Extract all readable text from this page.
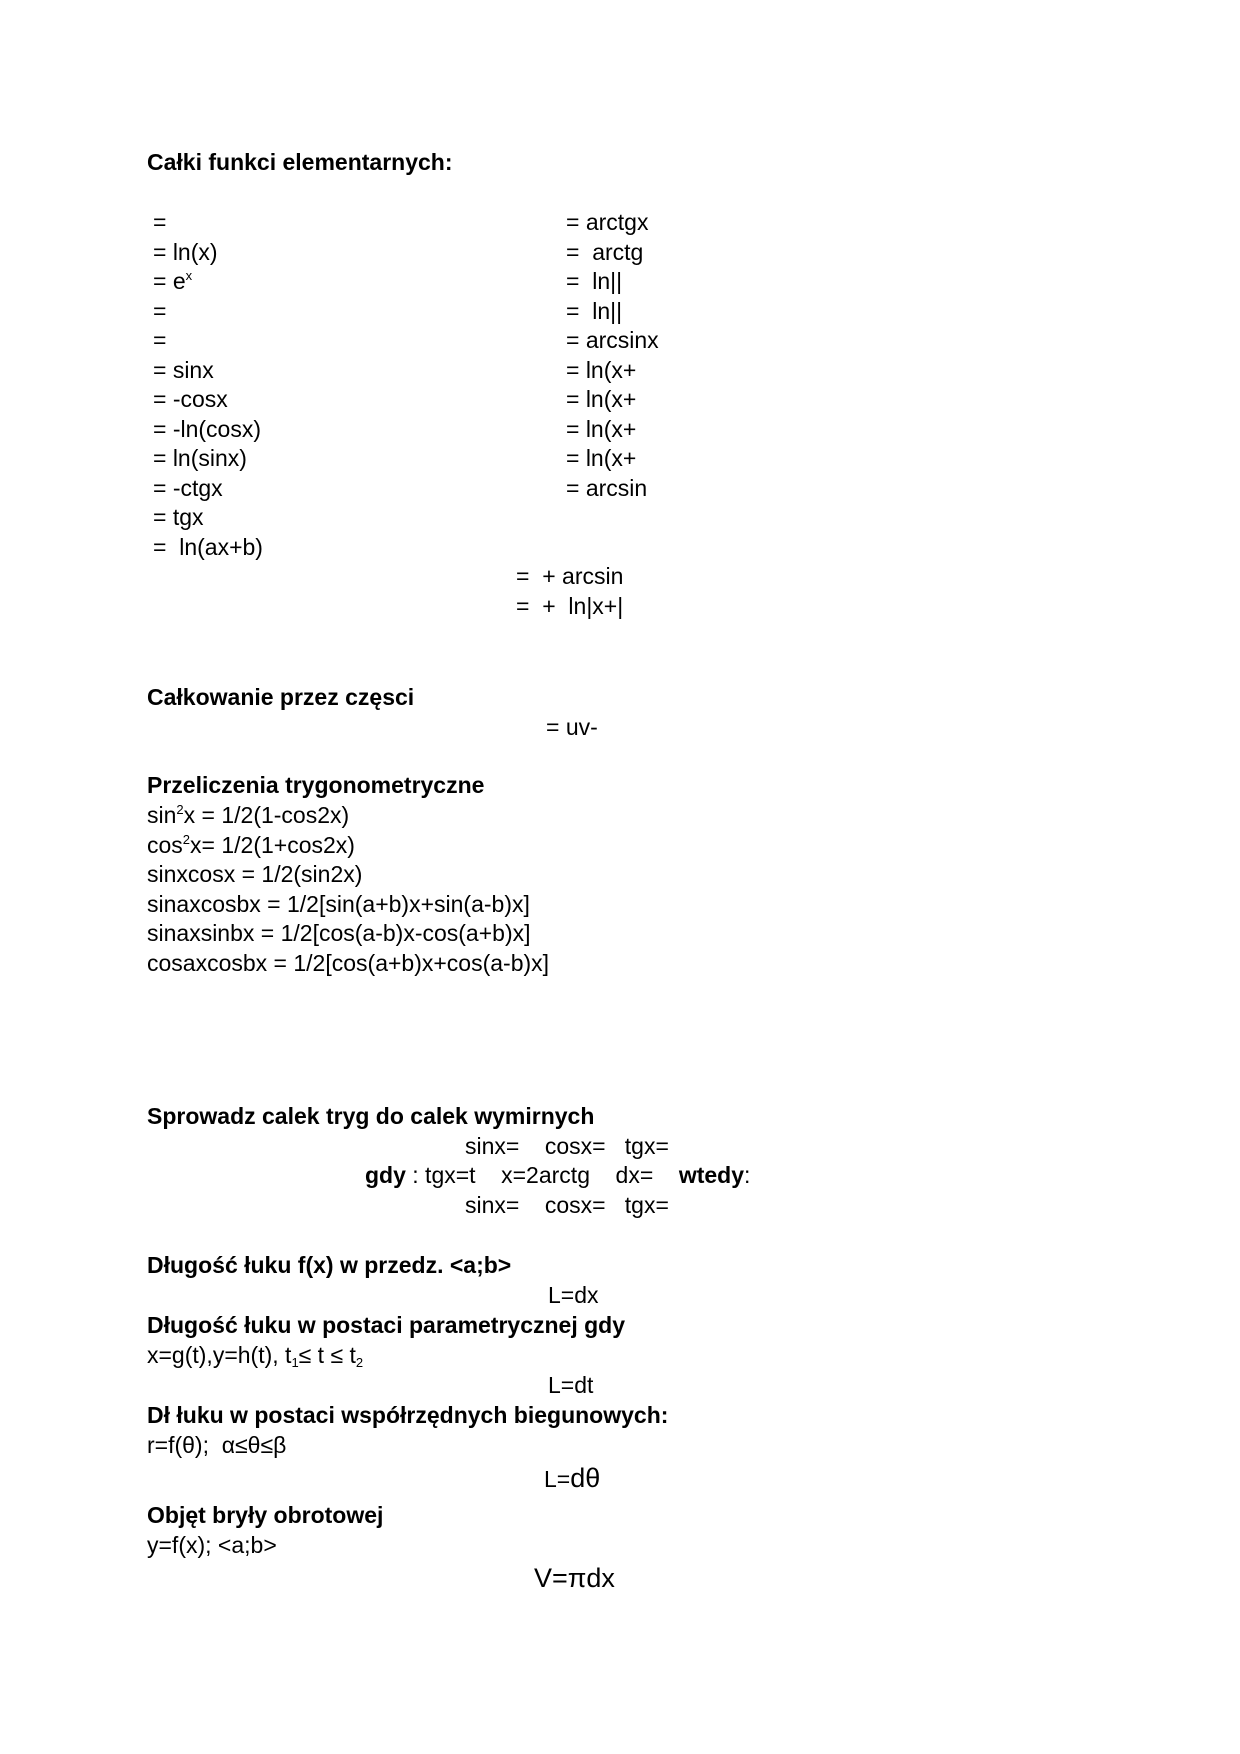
Całki funkci elementarnych:
=
= ln(x)
= $e^x$
=
=
= sinx
= -cosx
= -ln(cosx)
= ln(sinx)
= -ctgx
= tgx
=  ln(ax+b)
= arctgx
=  arctg
=  ln||
=  ln||
= arcsinx
= ln(x+
= ln(x+
= ln(x+
= ln(x+
= arcsin
=  + arcsin
=  +  ln|x+|
Całkowanie przez częsci
= uv-
Przeliczenia trygonometryczne
$\sin^2x = 1/2(1-\cos 2x)$
$\cos^2x= 1/2(1+\cos 2x)$
sinxcosx = 1/2(sin2x)
sinaxcosbx = 1/2[sin(a+b)x+sin(a-b)x]
sinaxsinbx = 1/2[cos(a-b)x-cos(a+b)x]
cosaxcosbx = 1/2[cos(a+b)x+cos(a-b)x]
Sprowadz calek tryg do calek wymirnych
sinx=    cosx=   tgx=
gdy : tgx=t    x=2arctg    dx= wtedy:
sinx=    cosx=   tgx=
Długość łuku f(x) w przedz. <a;b>
L=dx
Długość łuku w postaci parametrycznej gdy
x=g(t),y=h(t), $t_1\le t \le t_2$
L=dt
Dł łuku w postaci współrzędnych biegunowych:
r=f(θ);  α≤θ≤β
L=dθ
Objęt bryły obrotowej
y=f(x); <a;b>
V=πdx
